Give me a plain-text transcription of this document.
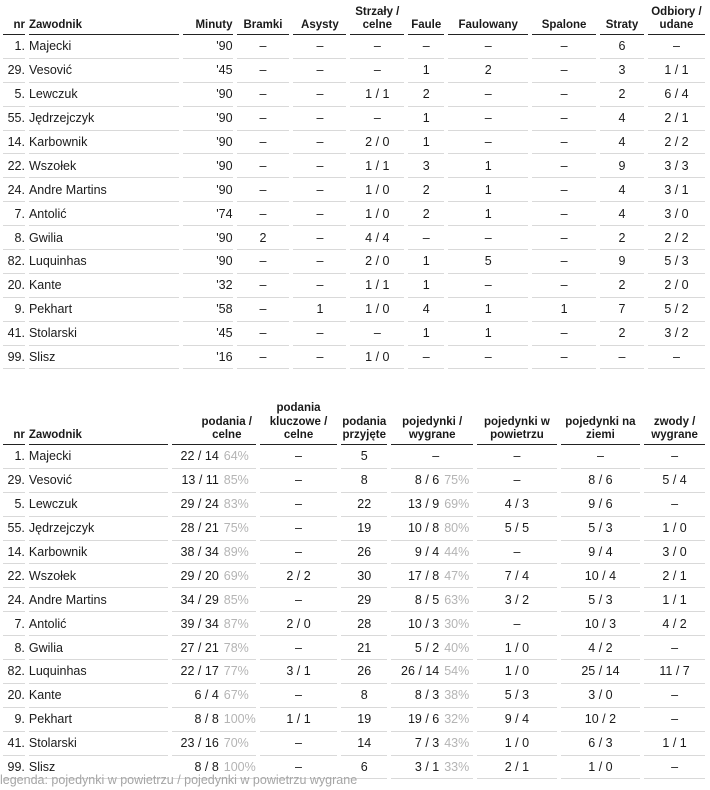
nr	Zawodnik	Minuty	Bramki	Asysty	Strzały / celne	Faule	Faulowany	Spalone	Straty	Odbiory / udane
1.	Majecki	'90	–	–	–	–	–	–	6	–
29.	Vesović	'45	–	–	–	1	2	–	3	1 / 1
5.	Lewczuk	'90	–	–	1 / 1	2	–	–	2	6 / 4
55.	Jędrzejczyk	'90	–	–	–	1	–	–	4	2 / 1
14.	Karbownik	'90	–	–	2 / 0	1	–	–	4	2 / 2
22.	Wszołek	'90	–	–	1 / 1	3	1	–	9	3 / 3
24.	Andre Martins	'90	–	–	1 / 0	2	1	–	4	3 / 1
7.	Antolić	'74	–	–	1 / 0	2	1	–	4	3 / 0
8.	Gwilia	'90	2	–	4 / 4	–	–	–	2	2 / 2
82.	Luquinhas	'90	–	–	2 / 0	1	5	–	9	5 / 3
20.	Kante	'32	–	–	1 / 1	1	–	–	2	2 / 0
9.	Pekhart	'58	–	1	1 / 0	4	1	1	7	5 / 2
41.	Stolarski	'45	–	–	–	1	1	–	2	3 / 2
99.	Slisz	'16	–	–	1 / 0	–	–	–	–	–
nr	Zawodnik	podania / celne	podania kluczowe / celne	podania przyjęte	pojedynki / wygrane	pojedynki w powietrzu	pojedynki na ziemi	zwody / wygrane
1.	Majecki	22 / 14 64%	–	5	–	–	–	–
29.	Vesović	13 / 11 85%	–	8	8 / 6 75%	–	8 / 6	5 / 4
5.	Lewczuk	29 / 24 83%	–	22	13 / 9 69%	4 / 3	9 / 6	–
55.	Jędrzejczyk	28 / 21 75%	–	19	10 / 8 80%	5 / 5	5 / 3	1 / 0
14.	Karbownik	38 / 34 89%	–	26	9 / 4 44%	–	9 / 4	3 / 0
22.	Wszołek	29 / 20 69%	2 / 2	30	17 / 8 47%	7 / 4	10 / 4	2 / 1
24.	Andre Martins	34 / 29 85%	–	29	8 / 5 63%	3 / 2	5 / 3	1 / 1
7.	Antolić	39 / 34 87%	2 / 0	28	10 / 3 30%	–	10 / 3	4 / 2
8.	Gwilia	27 / 21 78%	–	21	5 / 2 40%	1 / 0	4 / 2	–
82.	Luquinhas	22 / 17 77%	3 / 1	26	26 / 14 54%	1 / 0	25 / 14	11 / 7
20.	Kante	6 / 4 67%	–	8	8 / 3 38%	5 / 3	3 / 0	–
9.	Pekhart	8 / 8 100%	1 / 1	19	19 / 6 32%	9 / 4	10 / 2	–
41.	Stolarski	23 / 16 70%	–	14	7 / 3 43%	1 / 0	6 / 3	1 / 1
99.	Slisz	8 / 8 100%	–	6	3 / 1 33%	2 / 1	1 / 0	–
legenda: pojedynki w powietrzu / pojedynki w powietrzu wygrane
